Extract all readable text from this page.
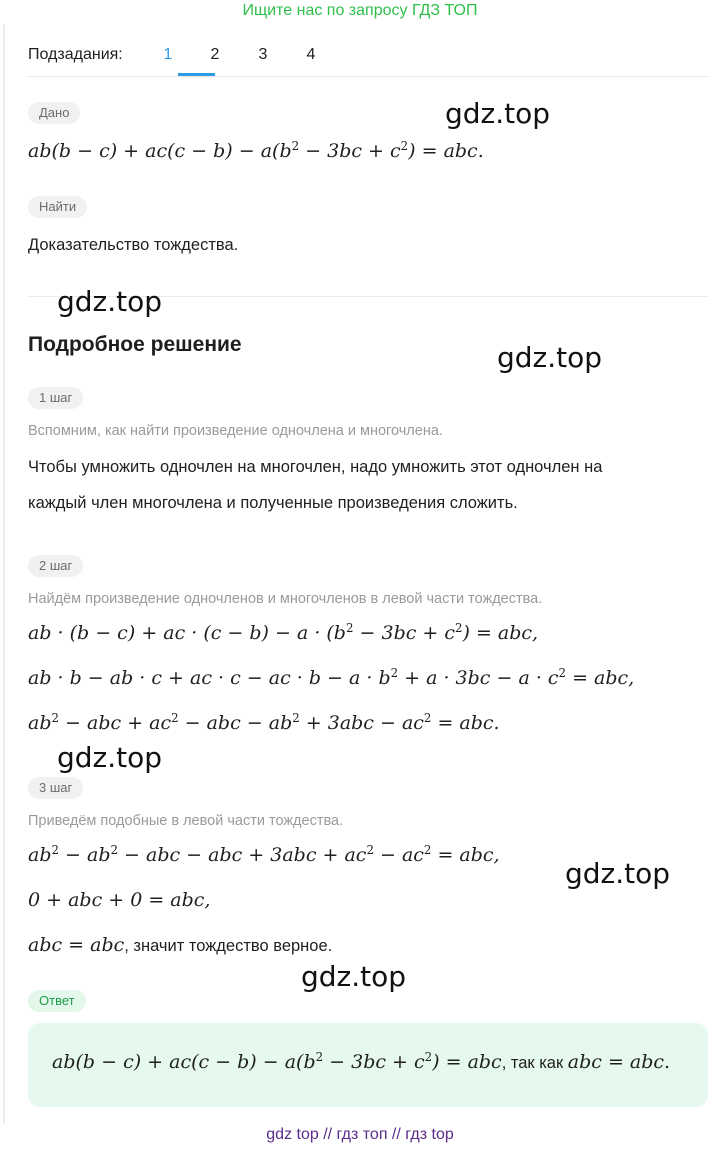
Ищите нас по запросу ГДЗ ТОП
Подзадания:	1	2	3	4
Дано
$ab(b - c) + ac(c - b) - a(b^2 - 3bc + c^2)$ = abc.
Найти
Доказательство тождества.
Подробное решение
1 шаг
Вспомним, как найти произведение одночлена и многочлена.
Чтобы умножить одночлен на многочлен, надо умножить этот одночлен на
каждый член многочлена и полученные произведения сложить.
2 шаг
Найдём произведение одночленов и многочленов в левой части тождества.
ab · (b − c) + ac · $(c - b) - a \cdot (b^2 - 3bc + c^2)$ = abc,
ab · b − ab · c + ac · c − ac · $b - a \cdot b^2 + a \cdot 3bc - a \cdot c^2$ = abc,
$ab^2$ − abc + $ac^2$ − abc − $ab^2 + 3abc - ac^2$ = abc.
3 шаг
Приведём подобные в левой части тождества.
$ab^2 - ab^2$ − abc − abc + $3abc + ac^2 - ac^2$ = abc,
0 + abc + 0 = abc,
abc = abc, значит тождество верное.
Ответ
$ab(b - c) + ac(c - b) - a(b^2 - 3bc + c^2)$ = abc, так как abc = abc.
gdz.top
gdz.top
gdz.top
gdz.top
gdz.top
gdz.top
gdz top // гдз топ // гдз top
